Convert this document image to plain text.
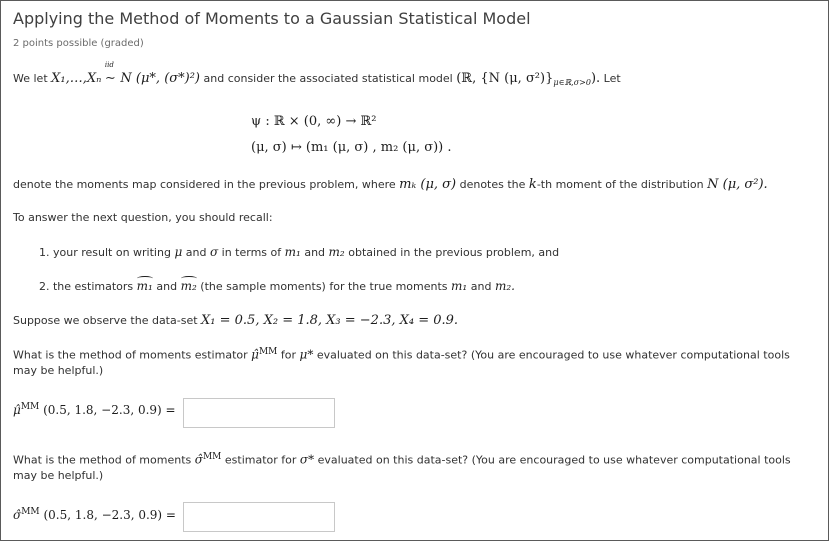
Applying the Method of Moments to a Gaussian Statistical Model
2 points possible (graded)
We let X₁,…,Xₙ
iid
∼ N (μ*, (σ*)²) and consider the associated statistical model (ℝ, {N (μ, $\sigma^2)\}_{\mu\in ℝ,\sigma>0}$). Let
ψ : ℝ × (0, ∞) → ℝ²
(μ, σ) ↦ (m₁ (μ, σ) , m₂ (μ, σ)) .
denote the moments map considered in the previous problem, where mₖ (μ, σ) denotes the k-th moment of the distribution N (μ, σ²).
To answer the next question, you should recall:
1. your result on writing μ and σ in terms of m₁ and m₂ obtained in the previous problem, and
2. the estimators m₁ and m₂ (the sample moments) for the true moments m₁ and m₂.
Suppose we observe the data-set X₁ = 0.5, X₂ = 1.8, X₃ = −2.3, X₄ = 0.9.
What is the method of moments estimator μ̂$^{MM}$ for μ* evaluated on this data-set? (You are encouraged to use whatever computational tools
may be helpful.)
μ̂$^{MM}$ (0.5, 1.8, −2.3, 0.9) =
What is the method of moments σ̂$^{MM}$ estimator for σ* evaluated on this data-set? (You are encouraged to use whatever computational tools
may be helpful.)
σ̂$^{MM}$ (0.5, 1.8, −2.3, 0.9) =
